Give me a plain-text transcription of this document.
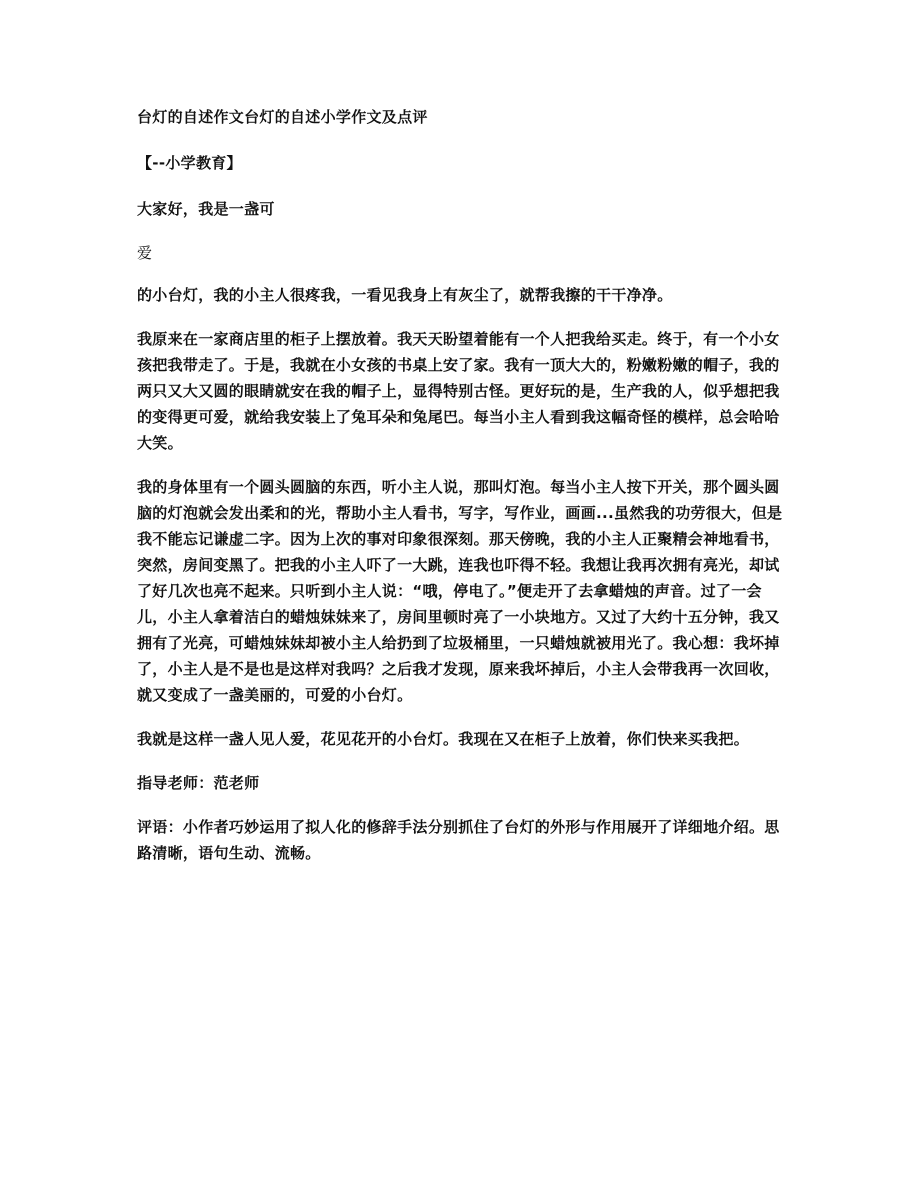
台灯的自述作文台灯的自述小学作文及点评

【--小学教育】

大家好，我是一盏可

爱

的小台灯，我的小主人很疼我，一看见我身上有灰尘了，就帮我擦的干干净净。

我原来在一家商店里的柜子上摆放着。我天天盼望着能有一个人把我给买走。终于，有一个小女孩把我带走了。于是，我就在小女孩的书桌上安了家。我有一顶大大的，粉嫩粉嫩的帽子，我的两只又大又圆的眼睛就安在我的帽子上，显得特别古怪。更好玩的是，生产我的人，似乎想把我的变得更可爱，就给我安装上了兔耳朵和兔尾巴。每当小主人看到我这幅奇怪的模样，总会哈哈大笑。

我的身体里有一个圆头圆脑的东西，听小主人说，那叫灯泡。每当小主人按下开关，那个圆头圆脑的灯泡就会发出柔和的光，帮助小主人看书，写字，写作业，画画...虽然我的功劳很大，但是我不能忘记谦虚二字。因为上次的事对印象很深刻。那天傍晚，我的小主人正聚精会神地看书，突然，房间变黑了。把我的小主人吓了一大跳，连我也吓得不轻。我想让我再次拥有亮光，却试了好几次也亮不起来。只听到小主人说：“哦，停电了。”便走开了去拿蜡烛的声音。过了一会儿，小主人拿着洁白的蜡烛妹妹来了，房间里顿时亮了一小块地方。又过了大约十五分钟，我又拥有了光亮，可蜡烛妹妹却被小主人给扔到了垃圾桶里，一只蜡烛就被用光了。我心想：我坏掉了，小主人是不是也是这样对我吗？之后我才发现，原来我坏掉后，小主人会带我再一次回收，就又变成了一盏美丽的，可爱的小台灯。

我就是这样一盏人见人爱，花见花开的小台灯。我现在又在柜子上放着，你们快来买我把。

指导老师：范老师

评语：小作者巧妙运用了拟人化的修辞手法分别抓住了台灯的外形与作用展开了详细地介绍。思路清晰，语句生动、流畅。
